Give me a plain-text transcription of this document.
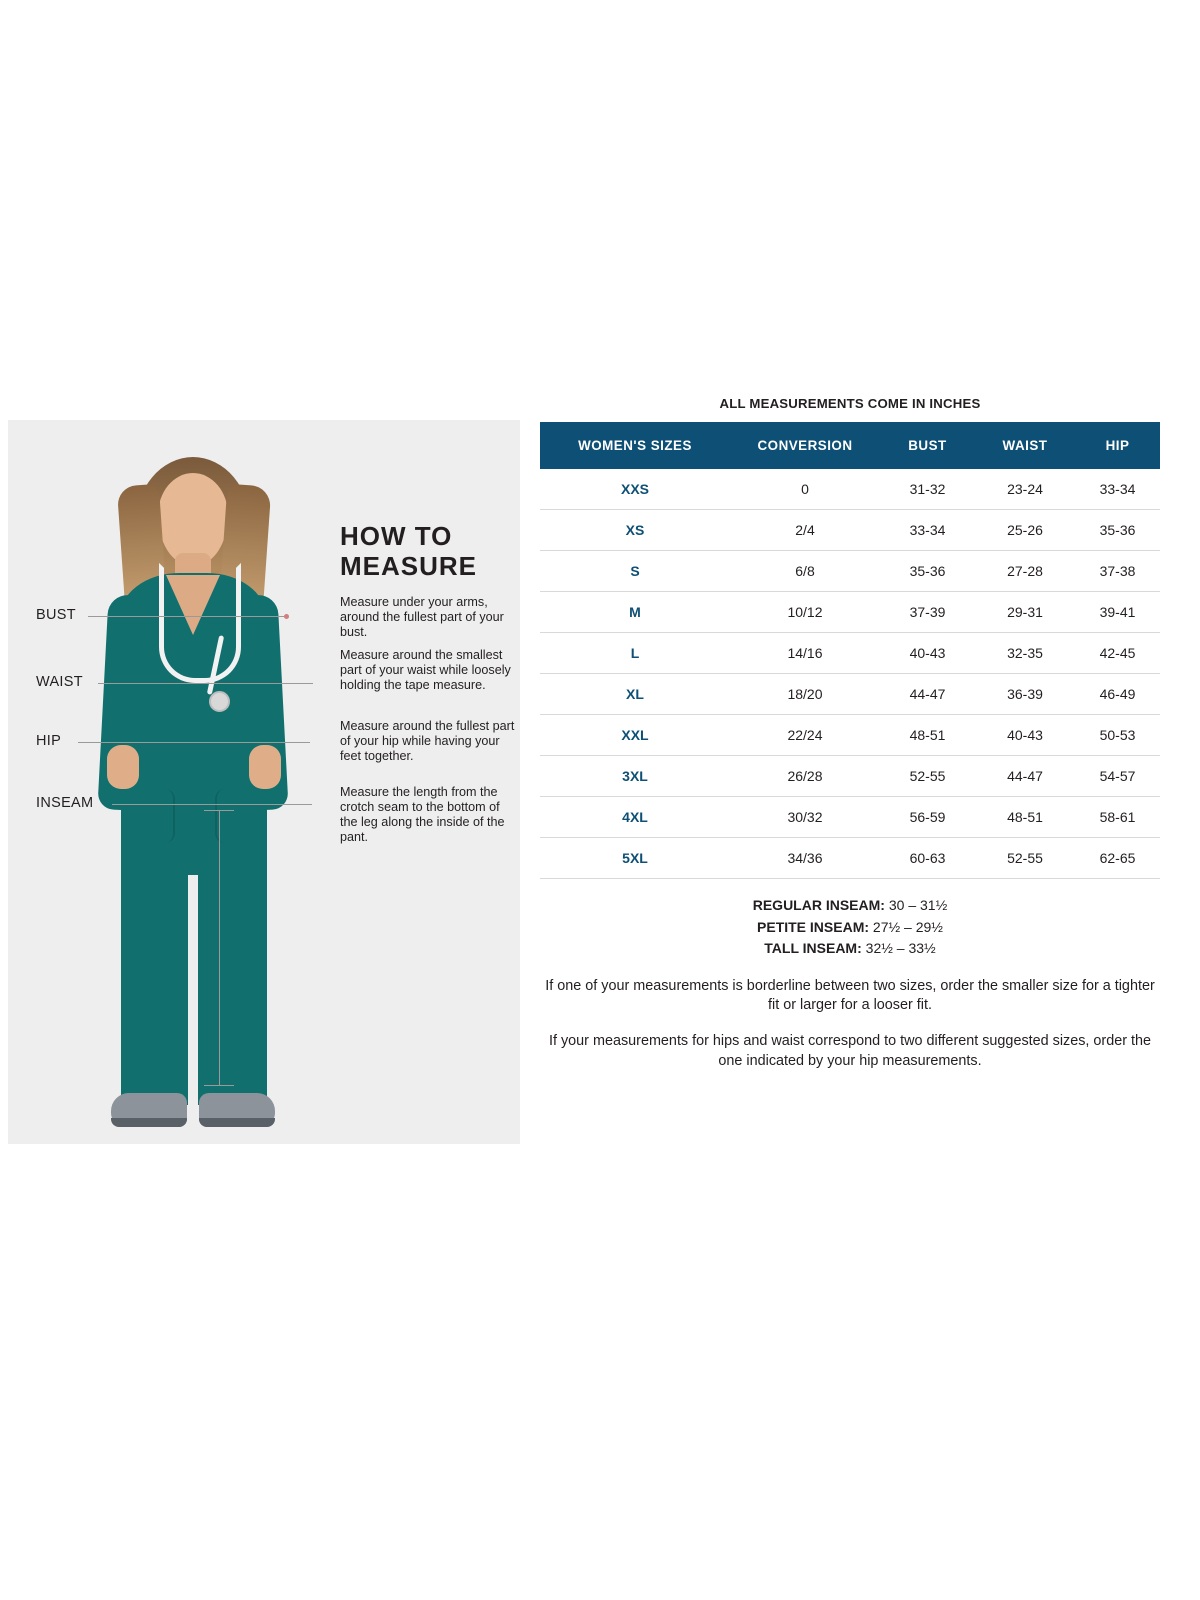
BUST
WAIST
HIP
INSEAM
HOW TO
MEASURE
Measure under your arms, around the fullest part of your bust.
Measure around the smallest part of your waist while loosely holding the tape measure.
Measure around the fullest part of your hip while having your feet together.
Measure the length from the crotch seam to the bottom of the leg along the inside of the pant.
ALL MEASUREMENTS COME IN INCHES
WOMEN'S SIZES	CONVERSION	BUST	WAIST	HIP
XXS	0	31-32	23-24	33-34
XS	2/4	33-34	25-26	35-36
S	6/8	35-36	27-28	37-38
M	10/12	37-39	29-31	39-41
L	14/16	40-43	32-35	42-45
XL	18/20	44-47	36-39	46-49
XXL	22/24	48-51	40-43	50-53
3XL	26/28	52-55	44-47	54-57
4XL	30/32	56-59	48-51	58-61
5XL	34/36	60-63	52-55	62-65
REGULAR INSEAM: 30 – 31½
PETITE INSEAM: 27½ – 29½
TALL INSEAM: 32½ – 33½
If one of your measurements is borderline between two sizes, order the smaller size for a tighter fit or larger for a looser fit.
If your measurements for hips and waist correspond to two different suggested sizes, order the one indicated by your hip measurements.
